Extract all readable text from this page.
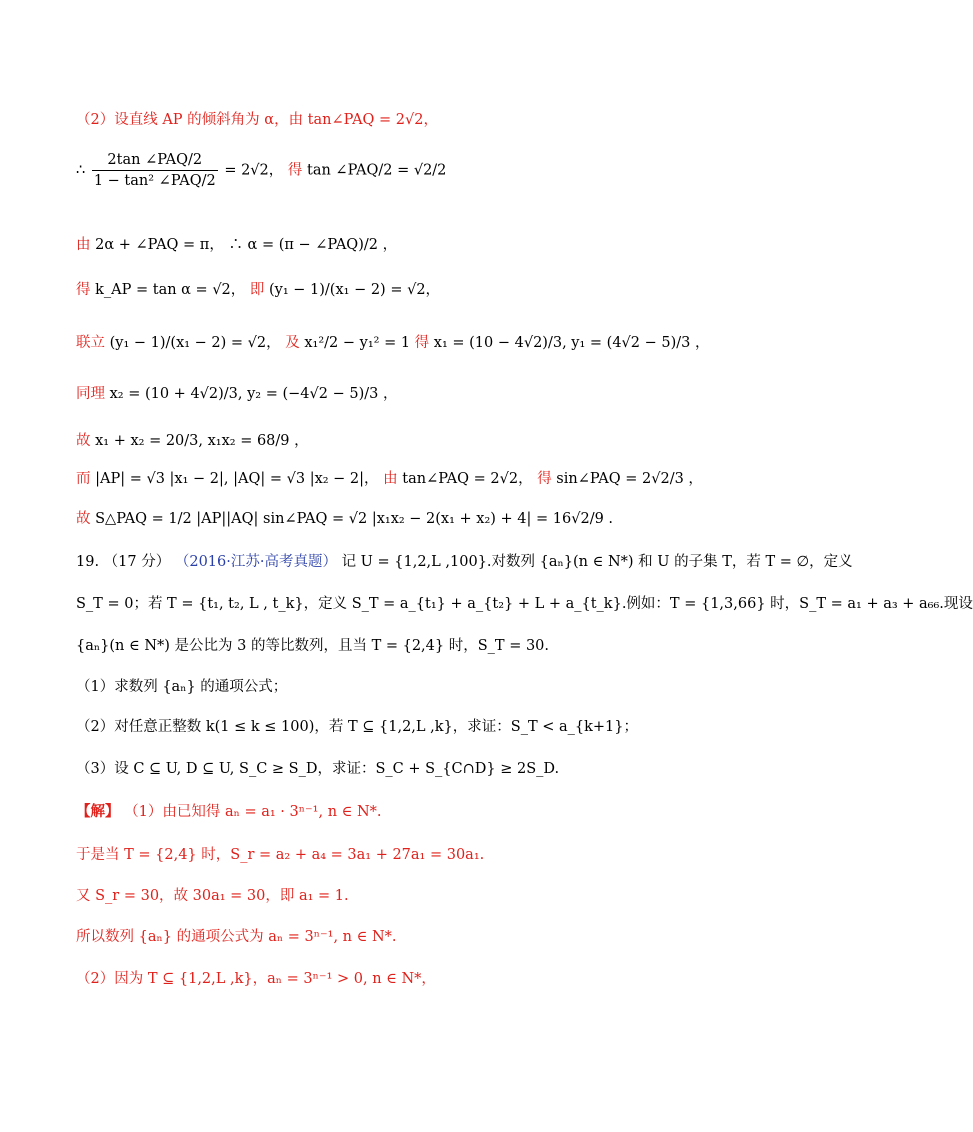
（2）设直线 AP 的倾斜角为 α，由 tan∠PAQ = 2√2，
∴ $\frac{\text{2tan ∠PAQ/2}}{\text{1 − tan² ∠PAQ/2}} = 2√2$， 得 tan ∠PAQ/2 = √2/2
由 2α + ∠PAQ = π， ∴ α = (π − ∠PAQ)/2 ，
得 k_AP = tan α = √2， 即 (y₁ − 1)/(x₁ − 2) = √2，
联立 (y₁ − 1)/(x₁ − 2) = √2， 及 x₁²/2 − y₁² = 1 得 x₁ = (10 − 4√2)/3, y₁ = (4√2 − 5)/3 ，
同理 x₂ = (10 + 4√2)/3, y₂ = (−4√2 − 5)/3 ，
故 x₁ + x₂ = 20/3, x₁x₂ = 68/9 ，
而 |AP| = √3 |x₁ − 2|, |AQ| = √3 |x₂ − 2|， 由 tan∠PAQ = 2√2， 得 sin∠PAQ = 2√2/3 ，
故 S△PAQ = 1/2 |AP||AQ| sin∠PAQ = √2 |x₁x₂ − 2(x₁ + x₂) + 4| = 16√2/9 .
19. （17 分） （2016·江苏·高考真题） 记 U = {1,2,L ,100}.对数列 {aₙ}(n ∈ N*) 和 U 的子集 T，若 T = ∅，定义
S_T = 0；若 T = {t₁, t₂, L , t_k}，定义 S_T = a_{t₁} + a_{t₂} + L + a_{t_k}.例如：T = {1,3,66} 时，S_T = a₁ + a₃ + a₆₆.现设
{aₙ}(n ∈ N*) 是公比为 3 的等比数列，且当 T = {2,4} 时，S_T = 30.
（1）求数列 {aₙ} 的通项公式；
（2）对任意正整数 k(1 ≤ k ≤ 100)，若 T ⊆ {1,2,L ,k}，求证：S_T < a_{k+1}；
（3）设 C ⊆ U, D ⊆ U, S_C ≥ S_D，求证：S_C + S_{C∩D} ≥ 2S_D.
【解】 （1）由已知得 aₙ = a₁ · 3ⁿ⁻¹, n ∈ N*.
于是当 T = {2,4} 时，S_r = a₂ + a₄ = 3a₁ + 27a₁ = 30a₁.
又 S_r = 30，故 30a₁ = 30，即 a₁ = 1.
所以数列 {aₙ} 的通项公式为 aₙ = 3ⁿ⁻¹, n ∈ N*.
（2）因为 T ⊆ {1,2,L ,k}，aₙ = 3ⁿ⁻¹ > 0, n ∈ N*，
